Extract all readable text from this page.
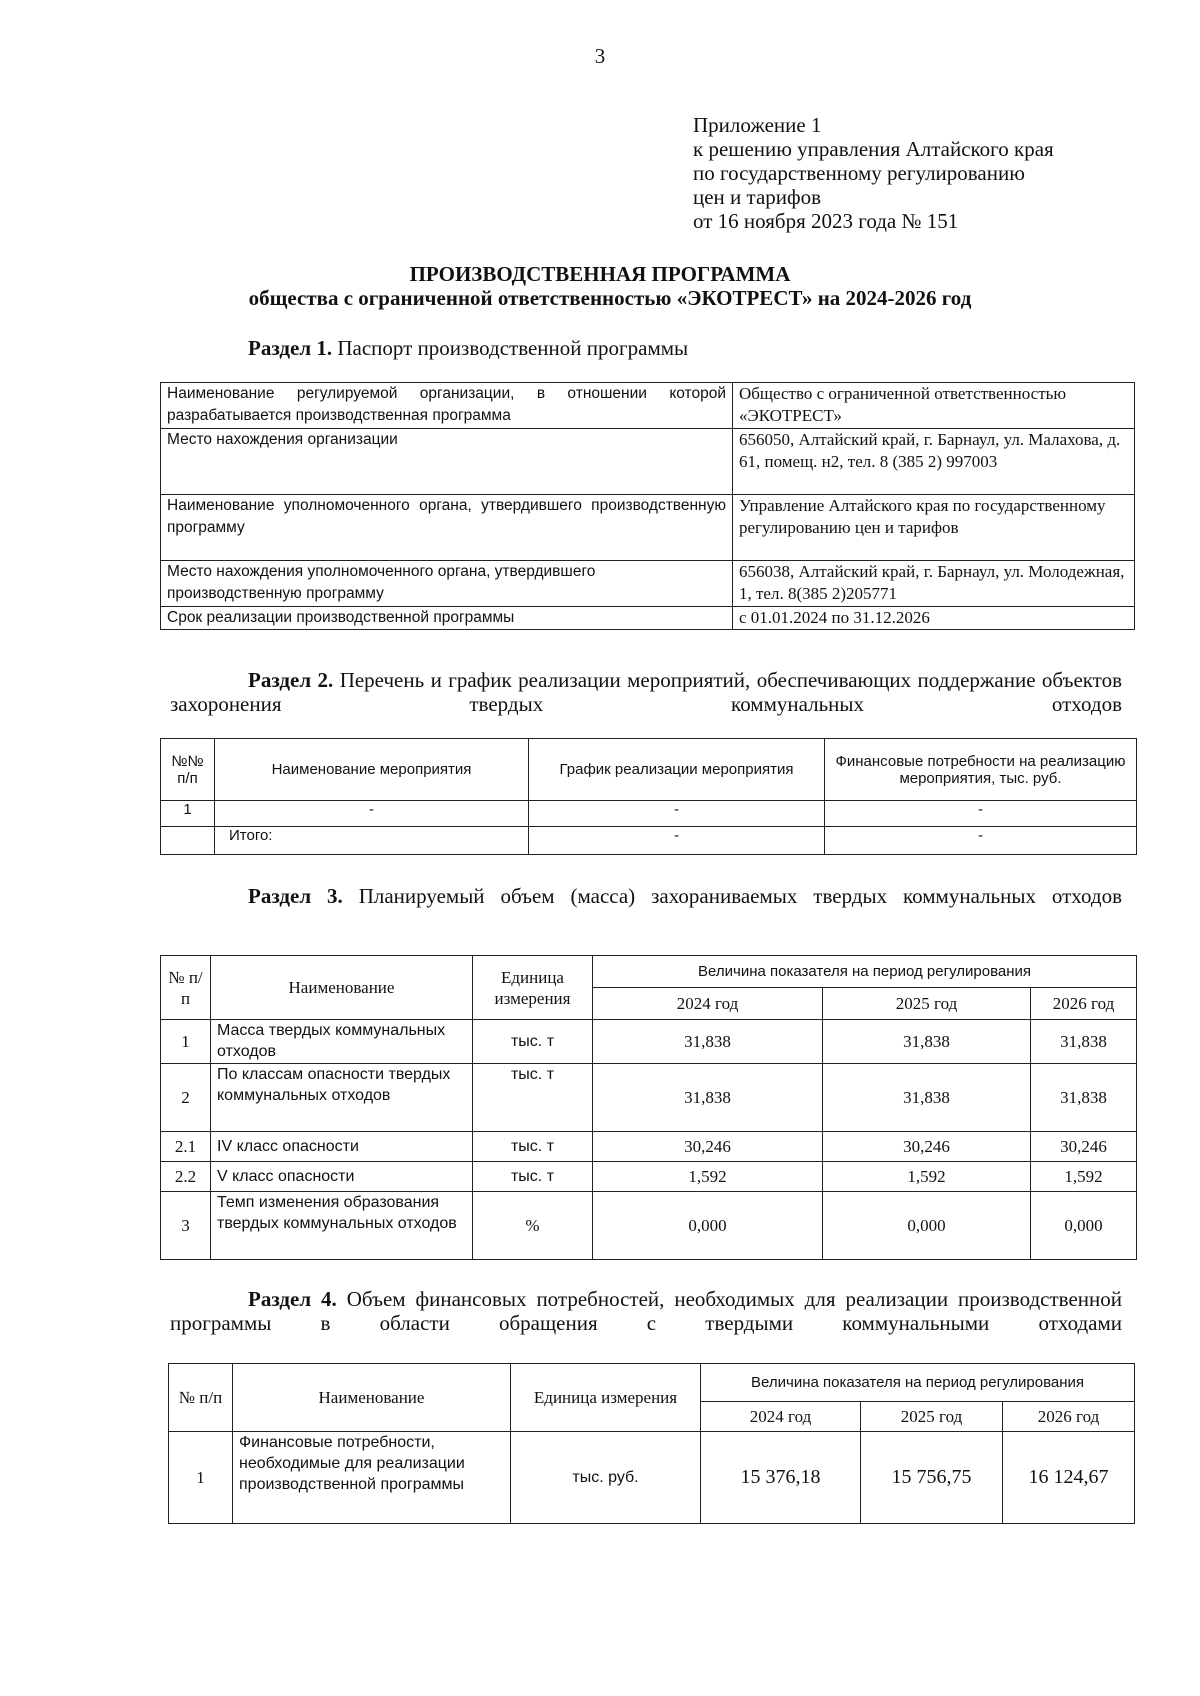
3
Приложение 1
к решению управления Алтайского края
по государственному регулированию
цен и тарифов
от 16 ноября 2023 года № 151
ПРОИЗВОДСТВЕННАЯ ПРОГРАММА
общества с ограниченной ответственностью «ЭКОТРЕСТ» на 2024-2026 год
Раздел 1. Паспорт производственной программы
Наименование регулируемой организации, в отношении которой разрабатывается производственная программа	Общество с ограниченной ответственностью «ЭКОТРЕСТ»
Место нахождения организации	656050, Алтайский край, г. Барнаул, ул. Малахова, д. 61, помещ. н2, тел. 8 (385 2) 997003
Наименование уполномоченного органа, утвердившего производственную программу	Управление Алтайского края по государственному регулированию цен и тарифов
Место нахождения уполномоченного органа, утвердившего производственную программу	656038, Алтайский край, г. Барнаул, ул. Молодежная, 1, тел. 8(385 2)205771
Срок реализации производственной программы	с 01.01.2024 по 31.12.2026
Раздел 2. Перечень и график реализации мероприятий, обеспечивающих поддержание объектов захоронения твердых коммунальных отходов
№№ п/п	Наименование мероприятия	График реализации мероприятия	Финансовые потребности на реализацию мероприятия, тыс. руб.
1	-	-	-
	Итого:	-	-
Раздел 3. Планируемый объем (масса) захораниваемых твердых коммунальных отходов
№ п/п	Наименование	Единица измерения	Величина показателя на период регулирования		
			2024 год	2025 год	2026 год
1	Масса твердых коммунальных отходов	тыс. т	31,838	31,838	31,838
2	По классам опасности твердых коммунальных отходов	тыс. т	31,838	31,838	31,838
2.1	IV класс опасности	тыс. т	30,246	30,246	30,246
2.2	V класс опасности	тыс. т	1,592	1,592	1,592
3	Темп изменения образования твердых коммунальных отходов	%	0,000	0,000	0,000
Раздел 4. Объем финансовых потребностей, необходимых для реализации производственной программы в области обращения с твердыми коммунальными отходами
№ п/п	Наименование	Единица измерения	Величина показателя на период регулирования		
			2024 год	2025 год	2026 год
1	Финансовые потребности, необходимые для реализации производственной программы	тыс. руб.	15 376,18	15 756,75	16 124,67
